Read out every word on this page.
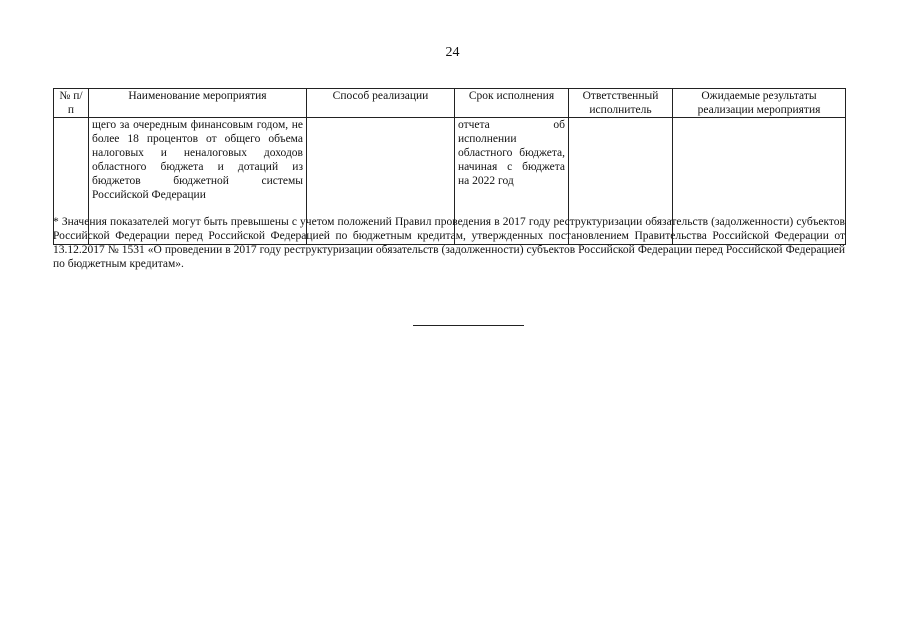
24
№ п/п	Наименование мероприятия	Способ реализации	Срок исполнения	Ответственный исполнитель	Ожидаемые результаты реализации мероприятия
	щего за очередным финансовым годом, не более 18 процентов от общего объема налоговых и неналоговых доходов областного бюджета и дотаций из бюджетов бюджетной системы Российской Федерации		отчета об исполнении областного бюджета, начиная с бюджета на 2022 год		
* Значения показателей могут быть превышены с учетом положений Правил проведения в 2017 году реструктуризации обязательств (задолженности) субъектов Российской Федерации перед Российской Федерацией по бюджетным кредитам, утвержденных постановлением Правительства Российской Федерации от 13.12.2017 № 1531 «О проведении в 2017 году реструктуризации обязательств (задолженности) субъектов Российской Федерации перед Российской Федерацией по бюджетным кредитам».
